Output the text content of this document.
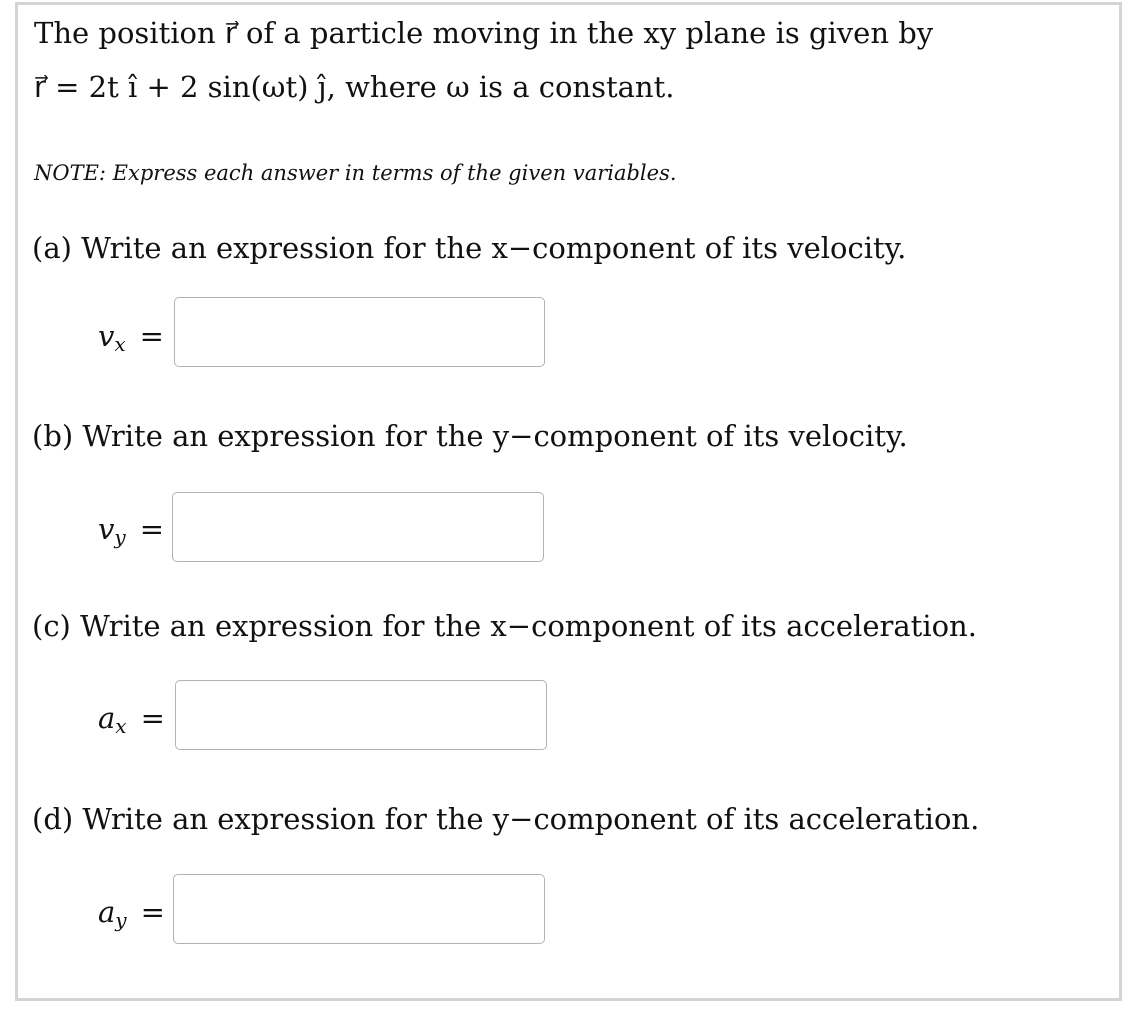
The position r⃗ of a particle moving in the xy plane is given by
r⃗ = 2t î + 2 sin(ωt) ĵ, where ω is a constant.
NOTE: Express each answer in terms of the given variables.
(a) Write an expression for the x−component of its velocity.
$v_x$ =
(b) Write an expression for the y−component of its velocity.
$v_y$ =
(c) Write an expression for the x−component of its acceleration.
$a_x$ =
(d) Write an expression for the y−component of its acceleration.
$a_y$ =
